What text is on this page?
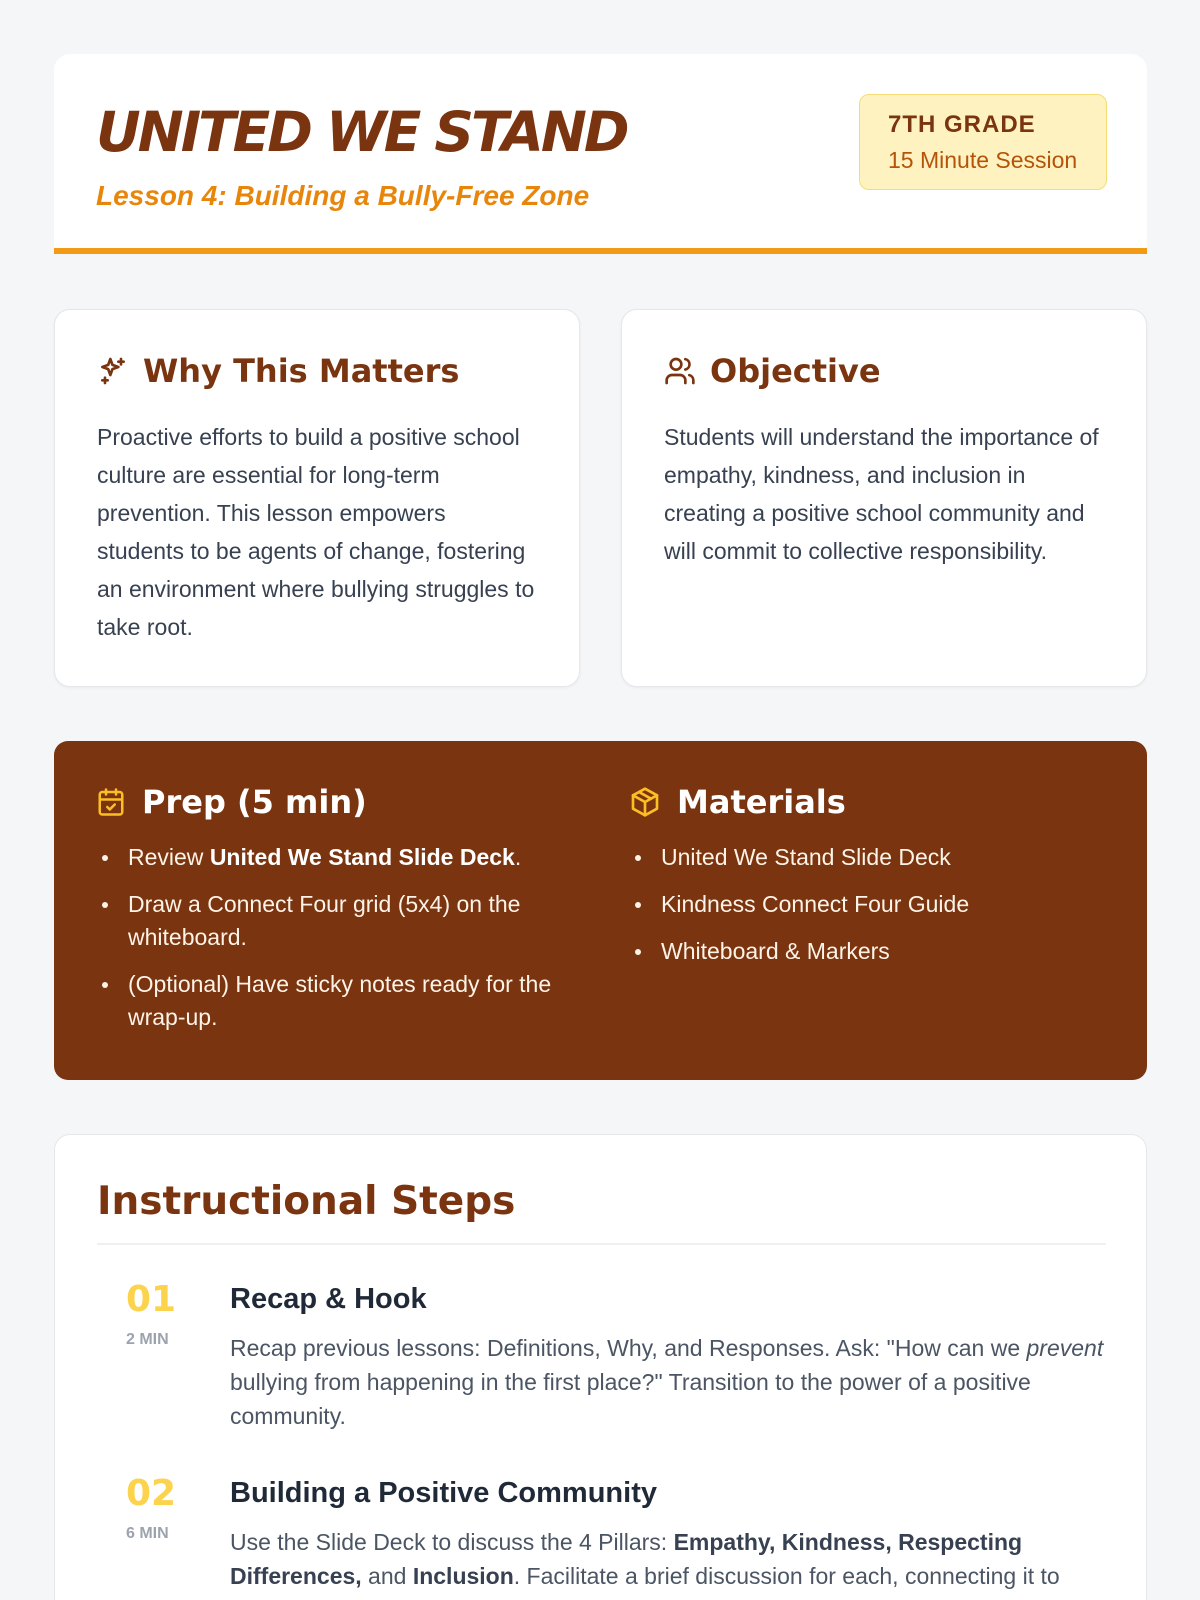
UNITED WE STAND
Lesson 4: Building a Bully-Free Zone
7TH GRADE
15 Minute Session
Why This Matters
Proactive efforts to build a positive school culture are essential for long-term prevention. This lesson empowers students to be agents of change, fostering an environment where bullying struggles to take root.
Objective
Students will understand the importance of empathy, kindness, and inclusion in creating a positive school community and will commit to collective responsibility.
Prep (5 min)
Review United We Stand Slide Deck.
Draw a Connect Four grid (5x4) on the whiteboard.
(Optional) Have sticky notes ready for the wrap-up.
Materials
United We Stand Slide Deck
Kindness Connect Four Guide
Whiteboard & Markers
Instructional Steps
01
2 MIN
Recap & Hook
Recap previous lessons: Definitions, Why, and Responses. Ask: "How can we prevent bullying from happening in the first place?" Transition to the power of a positive community.
02
6 MIN
Building a Positive Community
Use the Slide Deck to discuss the 4 Pillars: Empathy, Kindness, Respecting Differences, and Inclusion. Facilitate a brief discussion for each, connecting it to
